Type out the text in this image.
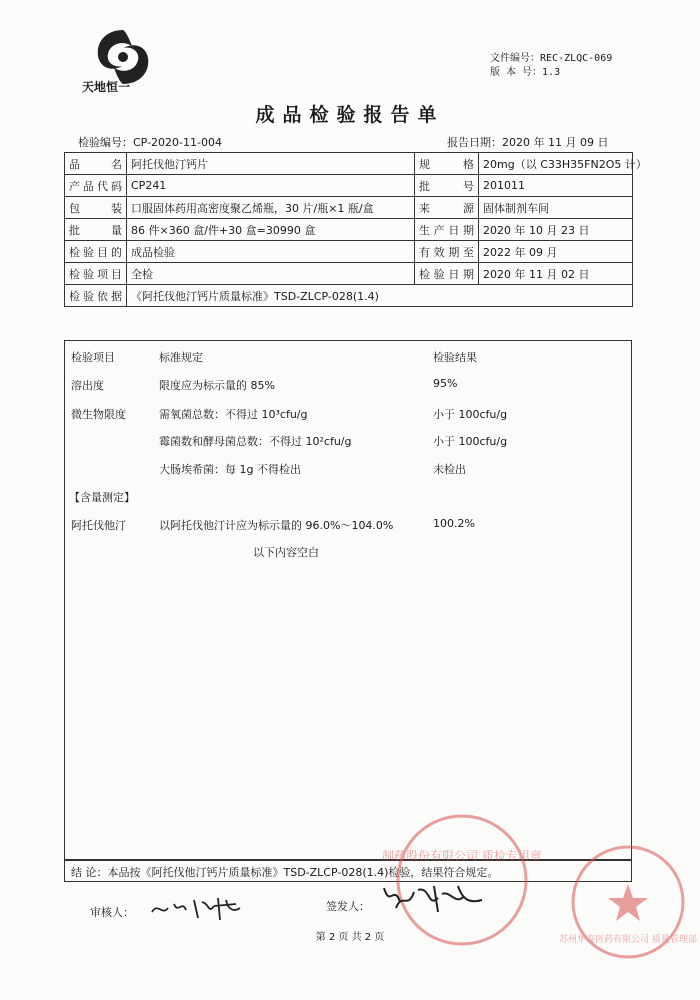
天地恒一
文件编号：REC-ZLQC-069
版 本 号：1.3
成品检验报告单
检验编号：CP-2020-11-004	报告日期：2020 年 11 月 09 日
品　　名	阿托伐他汀钙片	规　　格	20mg（以 C33H35FN2O5 计）
产品代码	CP241	批　　号	201011
包　　装	口服固体药用高密度聚乙烯瓶，30 片/瓶×1 瓶/盒	来　　源	固体制剂车间
批　　量	86 件×360 盒/件+30 盒=30990 盒	生产日期	2020 年 10 月 23 日
检验目的	成品检验	有效期至	2022 年 09 月
检验项目	全检	检验日期	2020 年 11 月 02 日
检验依据	《阿托伐他汀钙片质量标准》TSD-ZLCP-028(1.4)		
检验项目	标准规定	检验结果
溶出度	限度应为标示量的 85%	95%
微生物限度	需氧菌总数：不得过 10³cfu/g	小于 100cfu/g
霉菌数和酵母菌总数：不得过 10²cfu/g	小于 100cfu/g
大肠埃希菌：每 1g 不得检出	未检出
【含量测定】
阿托伐他汀	以阿托伐他汀计应为标示量的 96.0%～104.0%	100.2%
以下内容空白
结 论：本品按《阿托伐他汀钙片质量标准》TSD-ZLCP-028(1.4)检验，结果符合规定。
制药股份有限公司 质检专用章
苏州华泰医药有限公司 质量管理部
审核人：	签发人：
第 2 页 共 2 页
